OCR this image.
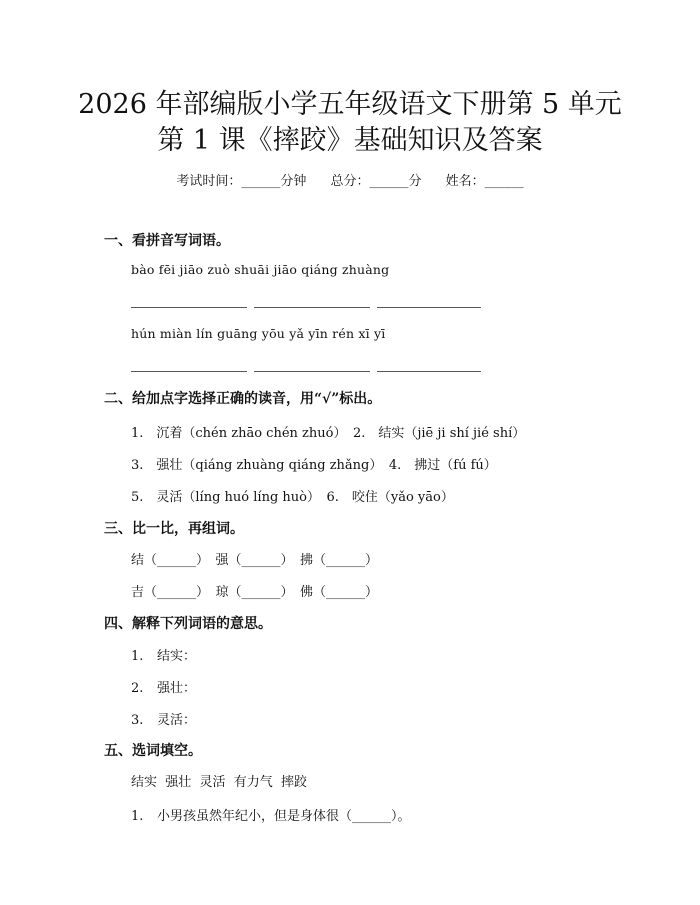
2026 年部编版小学五年级语文下册第 5 单元
第 1 课《摔跤》基础知识及答案
考试时间：______分钟 总分：______分 姓名：______
一、看拼音写词语。
bào fēi jiāo zuò shuāi jiāo qiáng zhuàng
hún miàn lín guāng yōu yǎ yīn rén xī yī
二、给加点字选择正确的读音，用“√”标出。
1.　沉着（chén zhāo chén zhuó）　2.　结实（jiē ji shí jié shí）
3.　强壮（qiáng zhuàng qiáng zhǎng）　4.　拂过（fú fú）
5.　灵活（líng huó líng huò）　6.　咬住（yǎo yāo）
三、比一比，再组词。
结（______）　强（______）　拂（______）
吉（______）　琼（______）　佛（______）
四、解释下列词语的意思。
1. 结实：
2. 强壮：
3. 灵活：
五、选词填空。
结实  强壮  灵活  有力气  摔跤
1. 小男孩虽然年纪小，但是身体很（______）。
